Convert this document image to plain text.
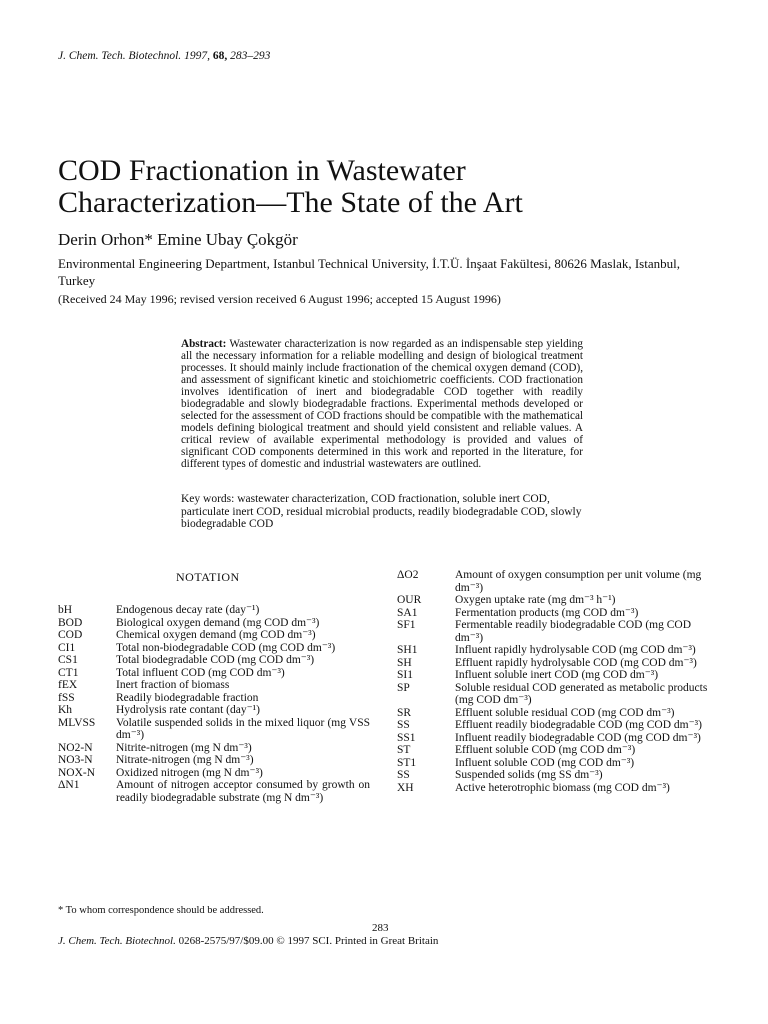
J. Chem. Tech. Biotechnol. 1997, 68, 283–293
COD Fractionation in Wastewater
Characterization—The State of the Art
Derin Orhon* Emine Ubay Çokgör
Environmental Engineering Department, Istanbul Technical University, İ.T.Ü. İnşaat Fakültesi, 80626 Maslak, Istanbul, Turkey
(Received 24 May 1996; revised version received 6 August 1996; accepted 15 August 1996)
Abstract: Wastewater characterization is now regarded as an indispensable step yielding all the necessary information for a reliable modelling and design of biological treatment processes. It should mainly include fractionation of the chemical oxygen demand (COD), and assessment of significant kinetic and stoichiometric coefficients. COD fractionation involves identification of inert and biodegradable COD together with readily biodegradable and slowly biodegradable fractions. Experimental methods developed or selected for the assessment of COD fractions should be compatible with the mathematical models defining biological treatment and should yield consistent and reliable values. A critical review of available experimental methodology is provided and values of significant COD components determined in this work and reported in the literature, for different types of domestic and industrial wastewaters are outlined.
Key words: wastewater characterization, COD fractionation, soluble inert COD, particulate inert COD, residual microbial products, readily biodegradable COD, slowly biodegradable COD
NOTATION
bH	Endogenous decay rate (day⁻¹)
BOD	Biological oxygen demand (mg COD dm⁻³)
COD	Chemical oxygen demand (mg COD dm⁻³)
CI1	Total non-biodegradable COD (mg COD dm⁻³)
CS1	Total biodegradable COD (mg COD dm⁻³)
CT1	Total influent COD (mg COD dm⁻³)
fEX	Inert fraction of biomass
fSS	Readily biodegradable fraction
Kh	Hydrolysis rate contant (day⁻¹)
MLVSS	Volatile suspended solids in the mixed liquor (mg VSS dm⁻³)
NO2-N	Nitrite-nitrogen (mg N dm⁻³)
NO3-N	Nitrate-nitrogen (mg N dm⁻³)
NOX-N	Oxidized nitrogen (mg N dm⁻³)
ΔN1	Amount of nitrogen acceptor consumed by growth on readily biodegradable substrate (mg N dm⁻³)
ΔO2	Amount of oxygen consumption per unit volume (mg dm⁻³)
OUR	Oxygen uptake rate (mg dm⁻³ h⁻¹)
SA1	Fermentation products (mg COD dm⁻³)
SF1	Fermentable readily biodegradable COD (mg COD dm⁻³)
SH1	Influent rapidly hydrolysable COD (mg COD dm⁻³)
SH	Effluent rapidly hydrolysable COD (mg COD dm⁻³)
SI1	Influent soluble inert COD (mg COD dm⁻³)
SP	Soluble residual COD generated as metabolic products (mg COD dm⁻³)
SR	Effluent soluble residual COD (mg COD dm⁻³)
SS	Effluent readily biodegradable COD (mg COD dm⁻³)
SS1	Influent readily biodegradable COD (mg COD dm⁻³)
ST	Effluent soluble COD (mg COD dm⁻³)
ST1	Influent soluble COD (mg COD dm⁻³)
SS	Suspended solids (mg SS dm⁻³)
XH	Active heterotrophic biomass (mg COD dm⁻³)
* To whom correspondence should be addressed.
283
J. Chem. Tech. Biotechnol. 0268-2575/97/$09.00 © 1997 SCI. Printed in Great Britain
